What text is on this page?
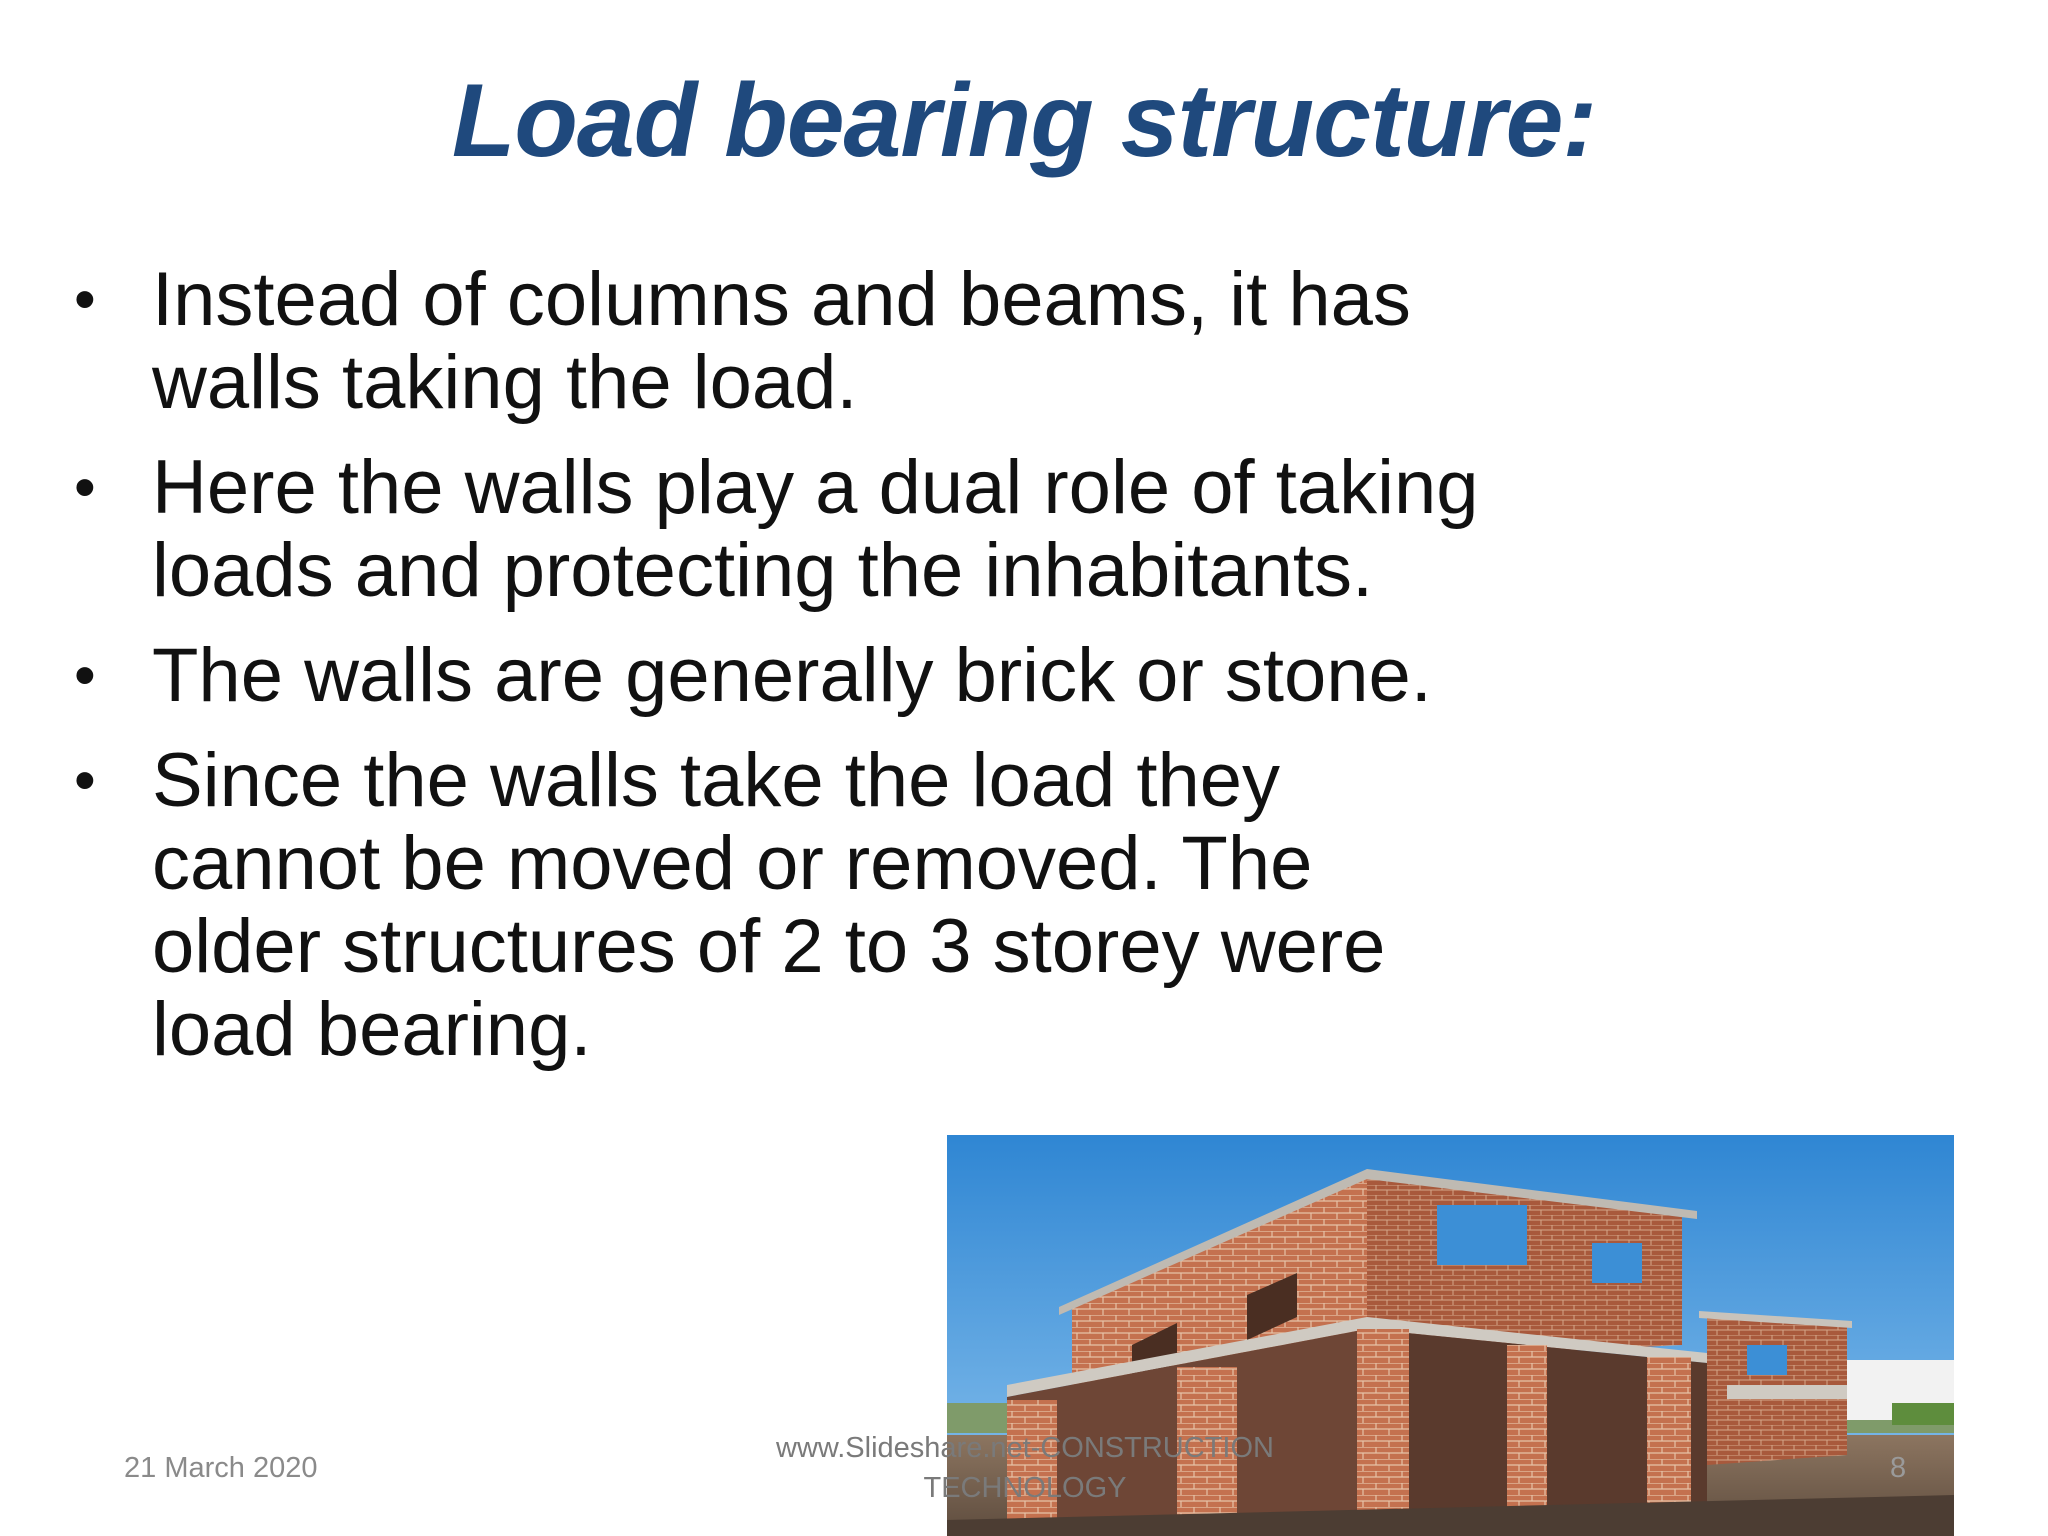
Load bearing structure:
• Instead of columns and beams, it has walls taking the load.
• Here the walls play a dual role of taking loads and protecting the inhabitants.
• The walls are generally brick or stone.
• Since the walls take the load they cannot be moved or removed. The older structures of 2 to 3 storey were load bearing.
21 March 2020
www.Slideshare.net-CONSTRUCTION
TECHNOLOGY
8
